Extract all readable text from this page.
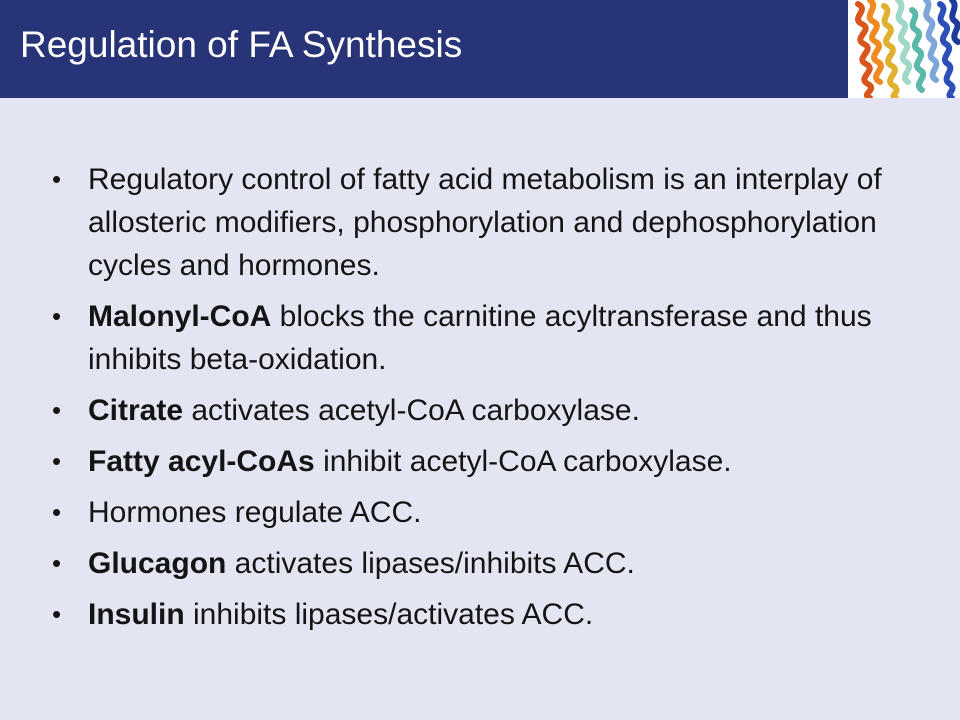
Regulation of FA Synthesis
• Regulatory control of fatty acid metabolism is an interplay of allosteric modifiers, phosphorylation and dephosphorylation cycles and hormones.
• Malonyl-CoA blocks the carnitine acyltransferase and thus inhibits beta-oxidation.
• Citrate activates acetyl-CoA carboxylase.
• Fatty acyl-CoAs inhibit acetyl-CoA carboxylase.
• Hormones regulate ACC.
• Glucagon activates lipases/inhibits ACC.
• Insulin inhibits lipases/activates ACC.
